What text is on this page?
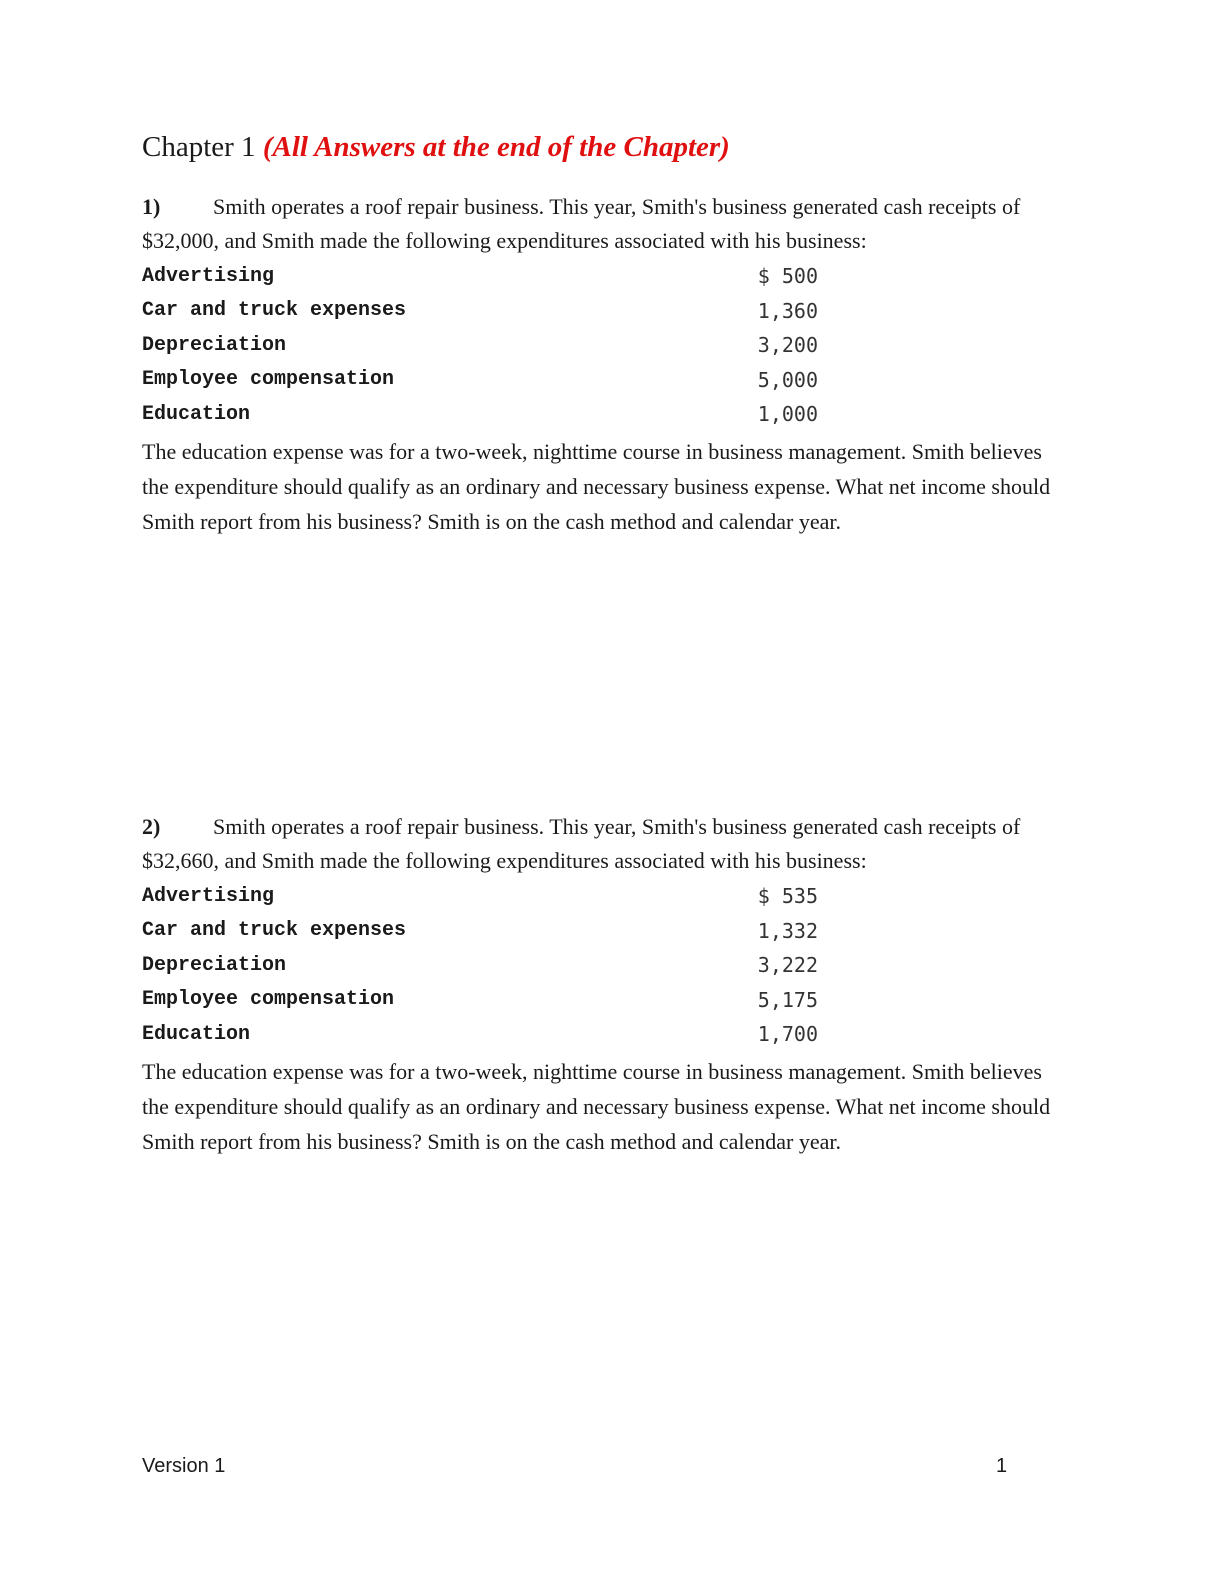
Chapter 1 (All Answers at the end of the Chapter)

1) Smith operates a roof repair business. This year, Smith's business generated cash receipts of $32,000, and Smith made the following expenditures associated with his business:

Advertising	$ 500
Car and truck expenses	1,360
Depreciation	3,200
Employee compensation	5,000
Education	1,000

The education expense was for a two-week, nighttime course in business management. Smith believes the expenditure should qualify as an ordinary and necessary business expense. What net income should Smith report from his business? Smith is on the cash method and calendar year.

2) Smith operates a roof repair business. This year, Smith's business generated cash receipts of $32,660, and Smith made the following expenditures associated with his business:

Advertising	$ 535
Car and truck expenses	1,332
Depreciation	3,222
Employee compensation	5,175
Education	1,700

The education expense was for a two-week, nighttime course in business management. Smith believes the expenditure should qualify as an ordinary and necessary business expense. What net income should Smith report from his business? Smith is on the cash method and calendar year.

Version 1	1
